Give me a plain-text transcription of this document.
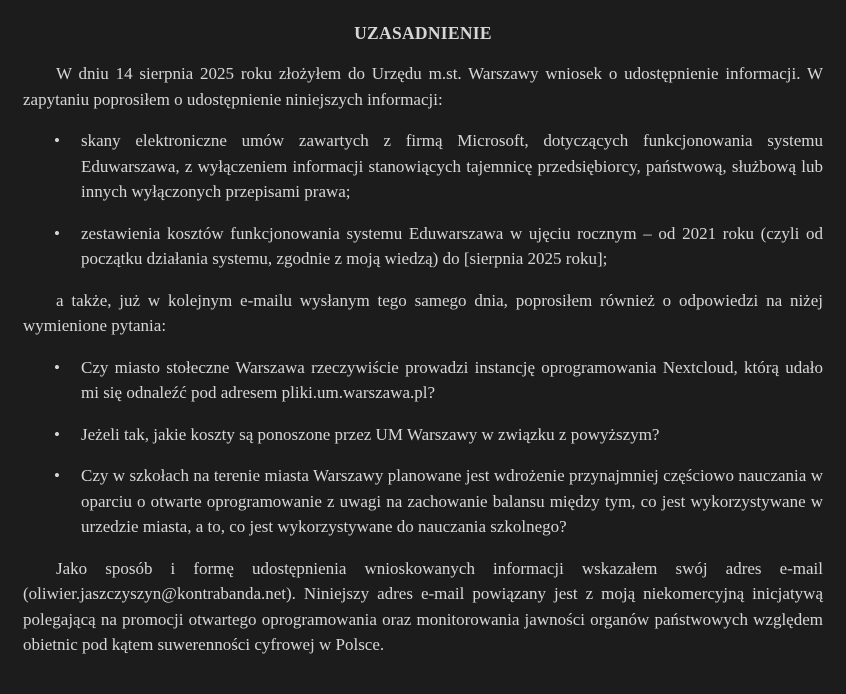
UZASADNIENIE

W dniu 14 sierpnia 2025 roku złożyłem do Urzędu m.st. Warszawy wniosek o udostępnienie informacji. W zapytaniu poprosiłem o udostępnienie niniejszych informacji:

• skany elektroniczne umów zawartych z firmą Microsoft, dotyczących funkcjonowania systemu Eduwarszawa, z wyłączeniem informacji stanowiących tajemnicę przedsiębiorcy, państwową, służbową lub innych wyłączonych przepisami prawa;
• zestawienia kosztów funkcjonowania systemu Eduwarszawa w ujęciu rocznym – od 2021 roku (czyli od początku działania systemu, zgodnie z moją wiedzą) do [sierpnia 2025 roku];

a także, już w kolejnym e-mailu wysłanym tego samego dnia, poprosiłem również o odpowiedzi na niżej wymienione pytania:

• Czy miasto stołeczne Warszawa rzeczywiście prowadzi instancję oprogramowania Nextcloud, którą udało mi się odnaleźć pod adresem pliki.um.warszawa.pl?
• Jeżeli tak, jakie koszty są ponoszone przez UM Warszawy w związku z powyższym?
• Czy w szkołach na terenie miasta Warszawy planowane jest wdrożenie przynajmniej częściowo nauczania w oparciu o otwarte oprogramowanie z uwagi na zachowanie balansu między tym, co jest wykorzystywane w urzedzie miasta, a to, co jest wykorzystywane do nauczania szkolnego?

Jako sposób i formę udostępnienia wnioskowanych informacji wskazałem swój adres e-mail (oliwier.jaszczyszyn@kontrabanda.net). Niniejszy adres e-mail powiązany jest z moją niekomercyjną inicjatywą polegającą na promocji otwartego oprogramowania oraz monitorowania jawności organów państwowych względem obietnic pod kątem suwerenności cyfrowej w Polsce.
